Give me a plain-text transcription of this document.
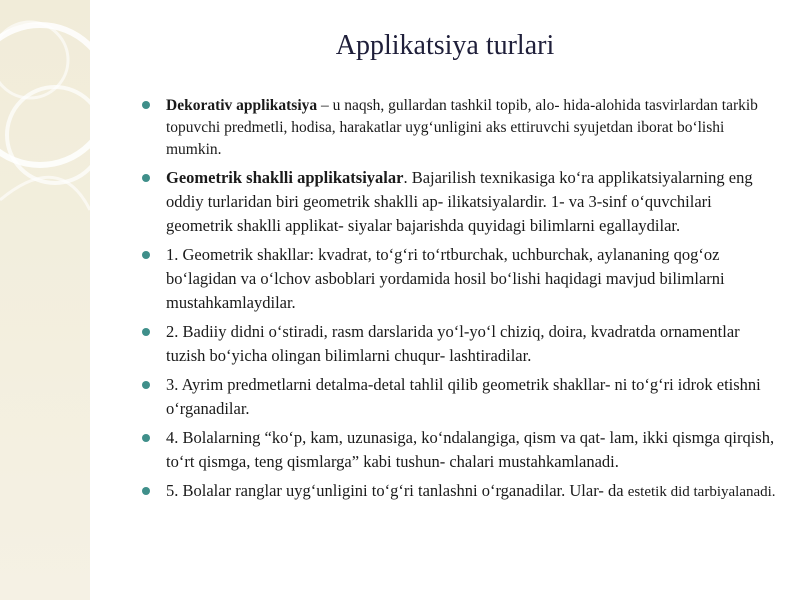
Applikatsiya turlari
Dekorativ applikatsiya – u naqsh, gullardan tashkil topib, alo- hida-alohida tasvirlardan tarkib topuvchi predmetli, hodisa, harakatlar uyg‘unligini aks ettiruvchi syujetdan iborat bo‘lishi mumkin.
Geometrik shaklli applikatsiyalar. Bajarilish texnikasiga ko‘ra applikatsiyalarning eng oddiy turlaridan biri geometrik shaklli ap- ilikatsiyalardir. 1- va 3-sinf o‘quvchilari geometrik shaklli applikat- siyalar bajarishda quyidagi bilimlarni egallaydilar.
1. Geometrik shakllar: kvadrat, to‘g‘ri to‘rtburchak, uchburchak, aylananing qog‘oz bo‘lagidan va o‘lchov asboblari yordamida hosil bo‘lishi haqidagi mavjud bilimlarni mustahkamlaydilar.
2. Badiiy didni o‘stiradi, rasm darslarida yo‘l-yo‘l chiziq, doira, kvadratda ornamentlar tuzish bo‘yicha olingan bilimlarni chuqur- lashtiradilar.
3. Ayrim predmetlarni detalma-detal tahlil qilib geometrik shakllar- ni to‘g‘ri idrok etishni o‘rganadilar.
4. Bolalarning “ko‘p, kam, uzunasiga, ko‘ndalangiga, qism va qat- lam, ikki qismga qirqish, to‘rt qismga, teng qismlarga” kabi tushun- chalari mustahkamlanadi.
5. Bolalar ranglar uyg‘unligini to‘g‘ri tanlashni o‘rganadilar. Ular- da estetik did tarbiyalanadi.
